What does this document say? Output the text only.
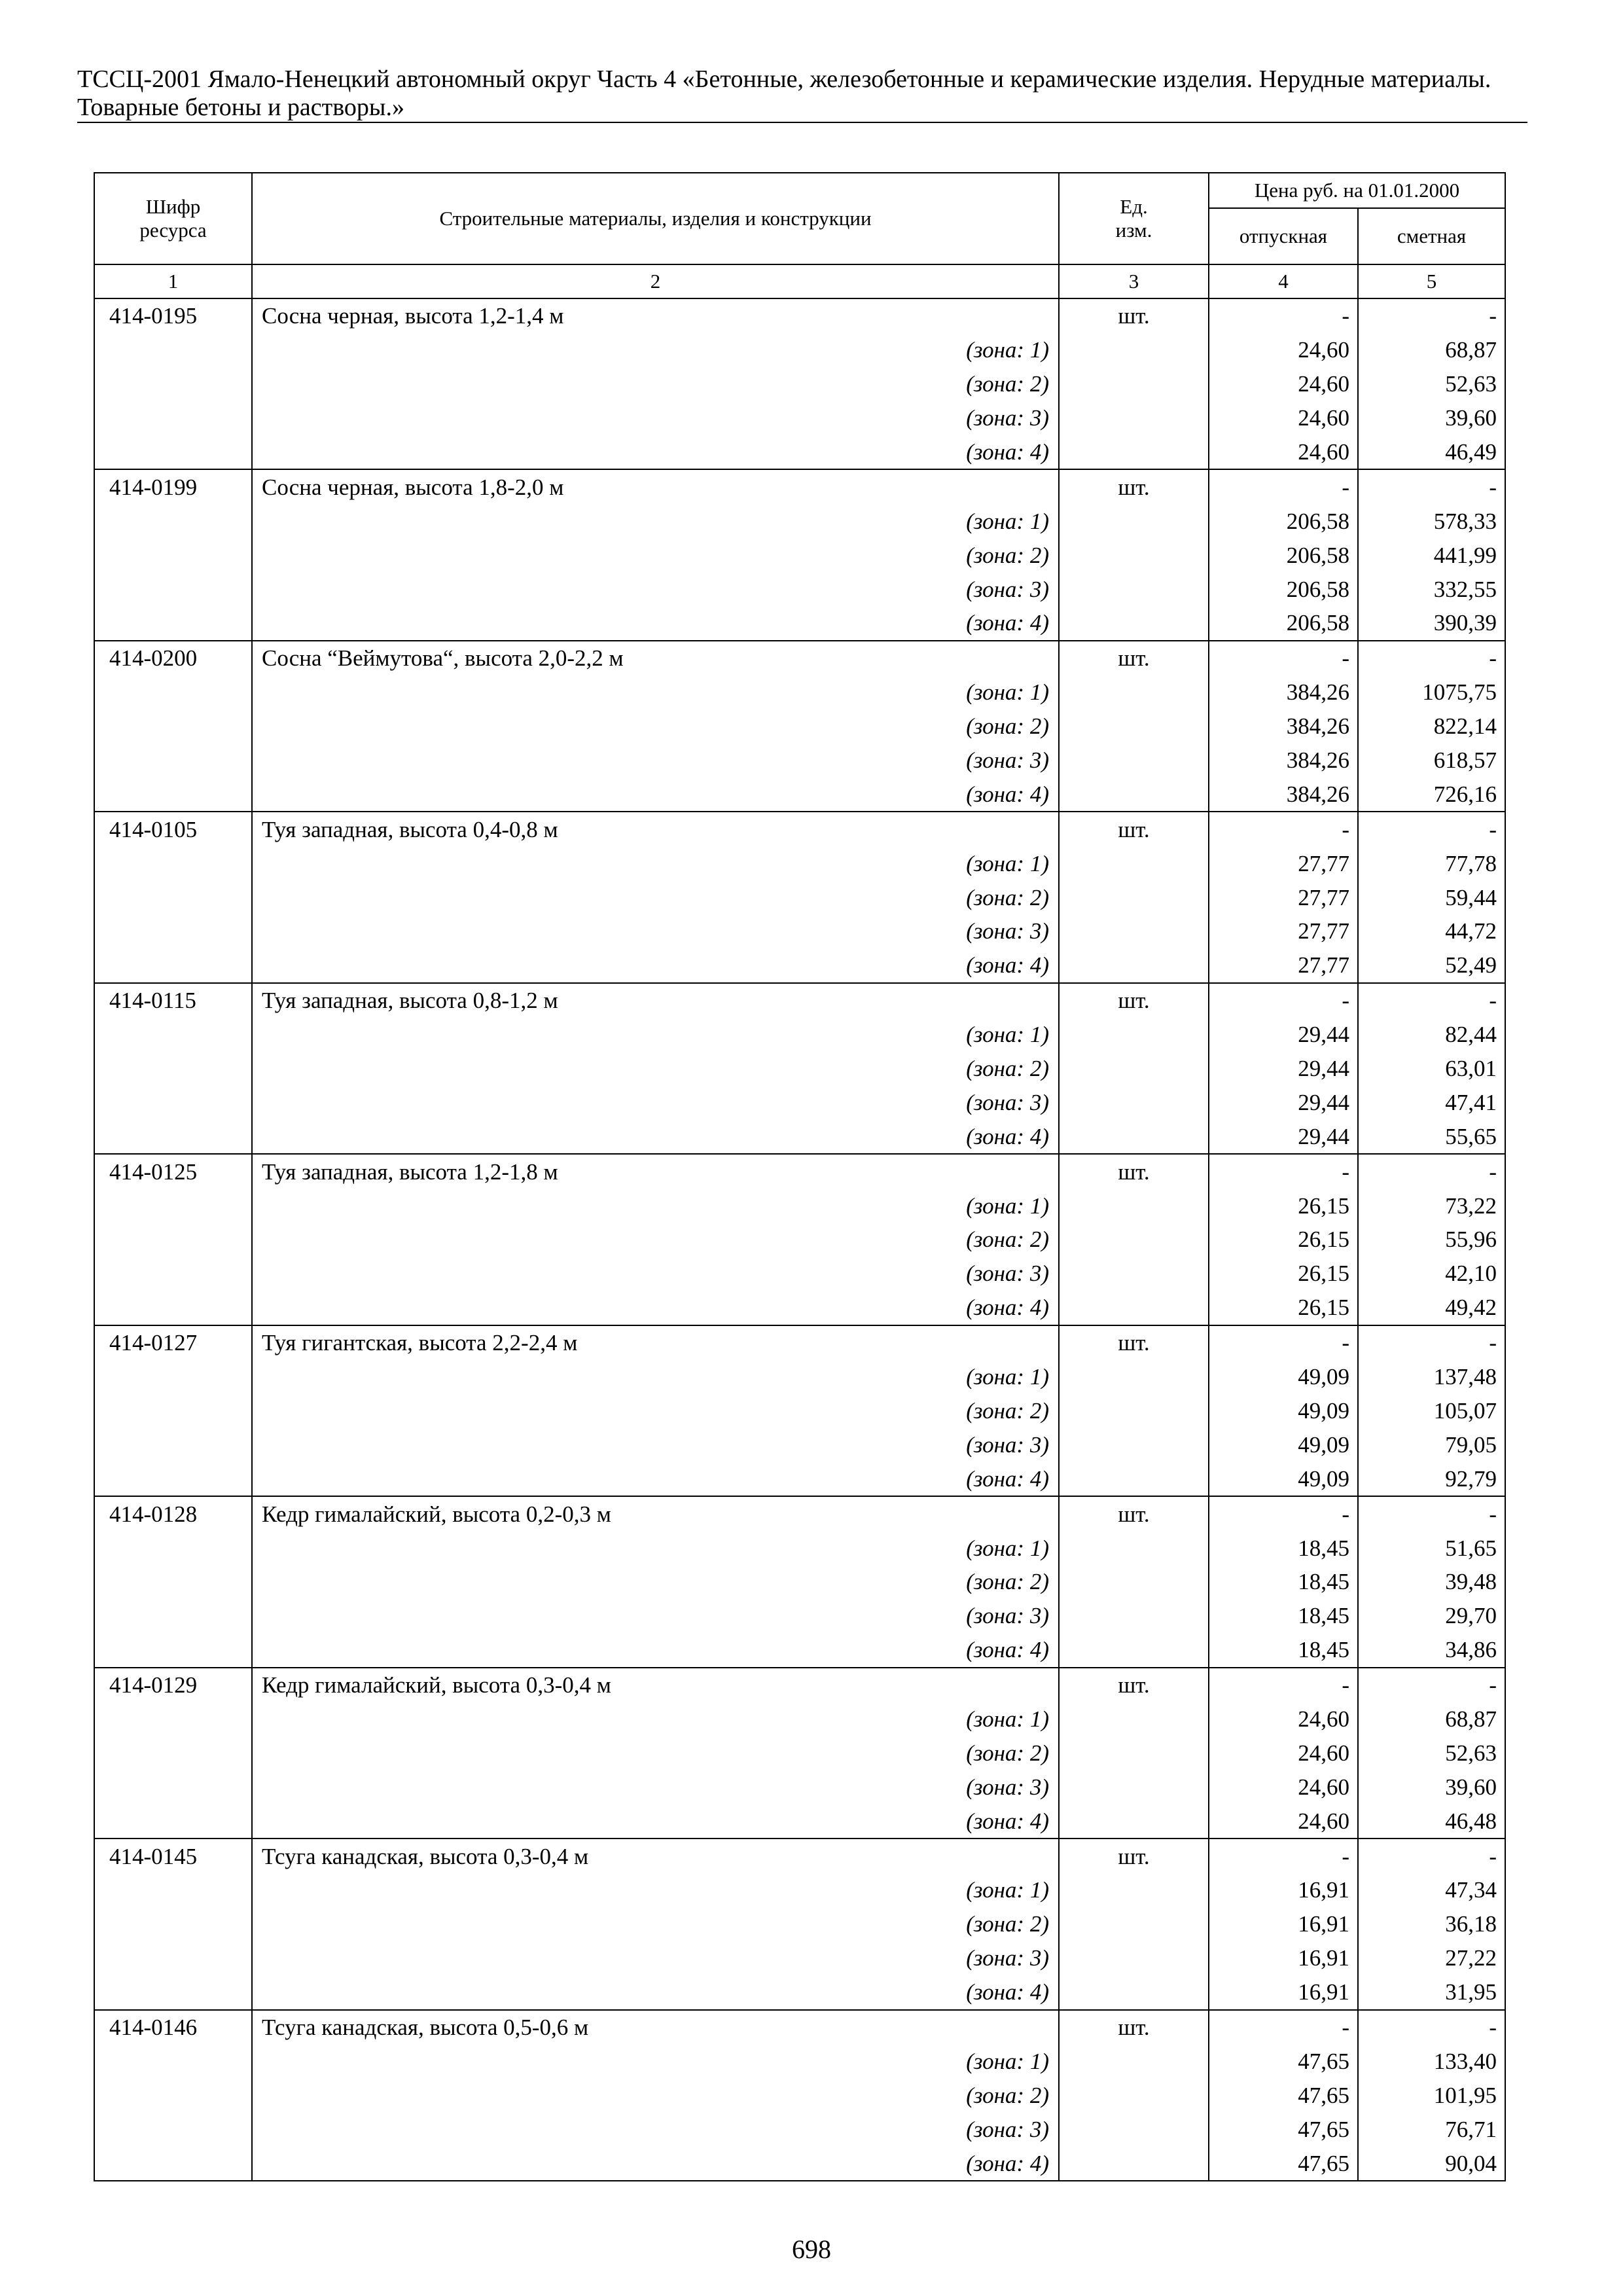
ТССЦ-2001 Ямало-Ненецкий автономный округ Часть 4 «Бетонные, железобетонные и керамические изделия. Нерудные материалы.
Товарные бетоны и растворы.»
Шифр ресурса	Строительные материалы, изделия и конструкции	Ед. изм.	Цена руб. на 01.01.2000	
			отпускная	сметная
1	2	3	4	5
414-0195	Сосна черная, высота 1,2-1,4 м	шт.	-	-
	(зона: 1)		24,60	68,87
	(зона: 2)		24,60	52,63
	(зона: 3)		24,60	39,60
	(зона: 4)		24,60	46,49
414-0199	Сосна черная, высота 1,8-2,0 м	шт.	-	-
	(зона: 1)		206,58	578,33
	(зона: 2)		206,58	441,99
	(зона: 3)		206,58	332,55
	(зона: 4)		206,58	390,39
414-0200	Сосна “Веймутова“, высота 2,0-2,2 м	шт.	-	-
	(зона: 1)		384,26	1075,75
	(зона: 2)		384,26	822,14
	(зона: 3)		384,26	618,57
	(зона: 4)		384,26	726,16
414-0105	Туя западная, высота 0,4-0,8 м	шт.	-	-
	(зона: 1)		27,77	77,78
	(зона: 2)		27,77	59,44
	(зона: 3)		27,77	44,72
	(зона: 4)		27,77	52,49
414-0115	Туя западная, высота 0,8-1,2 м	шт.	-	-
	(зона: 1)		29,44	82,44
	(зона: 2)		29,44	63,01
	(зона: 3)		29,44	47,41
	(зона: 4)		29,44	55,65
414-0125	Туя западная, высота 1,2-1,8 м	шт.	-	-
	(зона: 1)		26,15	73,22
	(зона: 2)		26,15	55,96
	(зона: 3)		26,15	42,10
	(зона: 4)		26,15	49,42
414-0127	Туя гигантская, высота 2,2-2,4 м	шт.	-	-
	(зона: 1)		49,09	137,48
	(зона: 2)		49,09	105,07
	(зона: 3)		49,09	79,05
	(зона: 4)		49,09	92,79
414-0128	Кедр гималайский, высота 0,2-0,3 м	шт.	-	-
	(зона: 1)		18,45	51,65
	(зона: 2)		18,45	39,48
	(зона: 3)		18,45	29,70
	(зона: 4)		18,45	34,86
414-0129	Кедр гималайский, высота 0,3-0,4 м	шт.	-	-
	(зона: 1)		24,60	68,87
	(зона: 2)		24,60	52,63
	(зона: 3)		24,60	39,60
	(зона: 4)		24,60	46,48
414-0145	Тсуга канадская, высота 0,3-0,4 м	шт.	-	-
	(зона: 1)		16,91	47,34
	(зона: 2)		16,91	36,18
	(зона: 3)		16,91	27,22
	(зона: 4)		16,91	31,95
414-0146	Тсуга канадская, высота 0,5-0,6 м	шт.	-	-
	(зона: 1)		47,65	133,40
	(зона: 2)		47,65	101,95
	(зона: 3)		47,65	76,71
	(зона: 4)		47,65	90,04
698
